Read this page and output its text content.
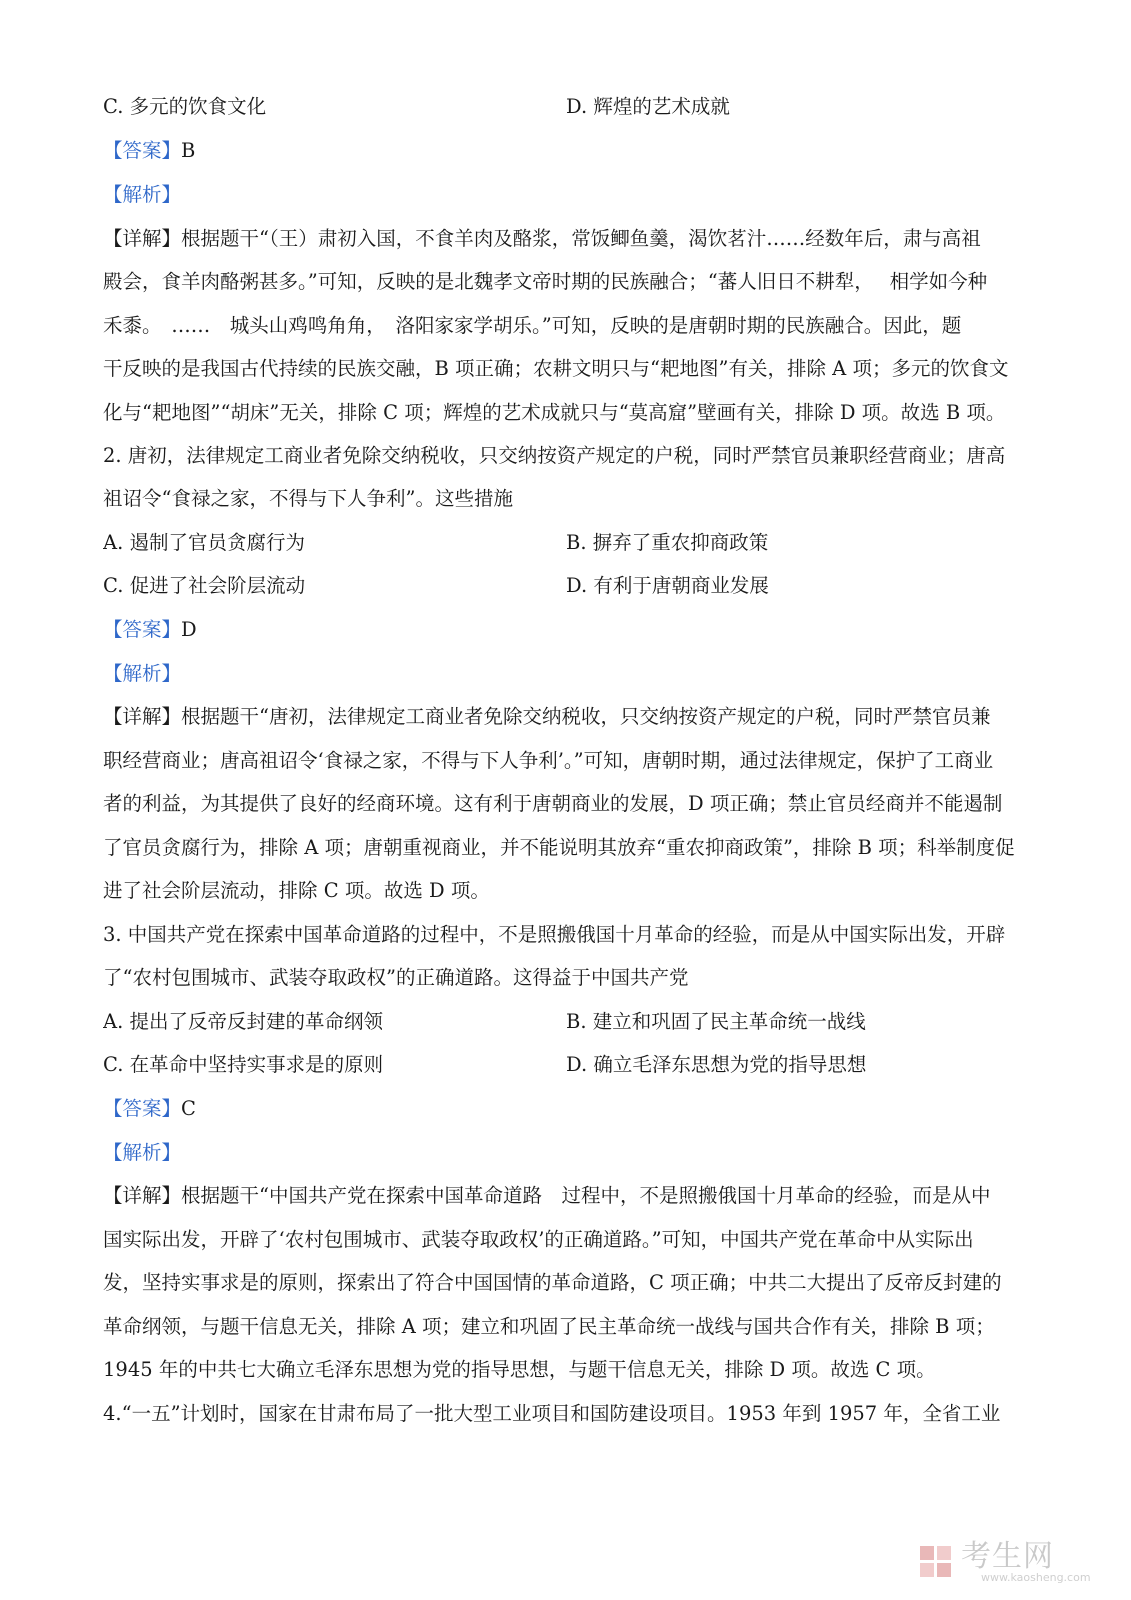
C. 多元的饮食文化	D. 辉煌的艺术成就
【答案】B
【解析】
【详解】根据题干“（王）肃初入国，不食羊肉及酪浆，常饭鲫鱼羹，渴饮茗汁……经数年后，肃与高祖
殿会，食羊肉酪粥甚多。”可知，反映的是北魏孝文帝时期的民族融合；“蕃人旧日不耕犁，　 相学如今种
禾黍。　……　城头山鸡鸣角角，　洛阳家家学胡乐。”可知，反映的是唐朝时期的民族融合。因此，题
干反映的是我国古代持续的民族交融，B 项正确；农耕文明只与“耙地图”有关，排除 A 项；多元的饮食文
化与“耙地图”“胡床”无关，排除 C 项；辉煌的艺术成就只与“莫高窟”壁画有关，排除 D 项。故选 B 项。
2. 唐初，法律规定工商业者免除交纳税收，只交纳按资产规定的户税，同时严禁官员兼职经营商业；唐高
祖诏令“食禄之家，不得与下人争利”。这些措施
A. 遏制了官员贪腐行为	B. 摒弃了重农抑商政策
C. 促进了社会阶层流动	D. 有利于唐朝商业发展
【答案】D
【解析】
【详解】根据题干“唐初，法律规定工商业者免除交纳税收，只交纳按资产规定的户税，同时严禁官员兼
职经营商业；唐高祖诏令‘食禄之家，不得与下人争利’。”可知，唐朝时期，通过法律规定，保护了工商业
者的利益，为其提供了良好的经商环境。这有利于唐朝商业的发展，D 项正确；禁止官员经商并不能遏制
了官员贪腐行为，排除 A 项；唐朝重视商业，并不能说明其放弃“重农抑商政策”，排除 B 项；科举制度促
进了社会阶层流动，排除 C 项。故选 D 项。
3. 中国共产党在探索中国革命道路的过程中，不是照搬俄国十月革命的经验，而是从中国实际出发，开辟
了“农村包围城市、武装夺取政权”的正确道路。这得益于中国共产党
A. 提出了反帝反封建的革命纲领	B. 建立和巩固了民主革命统一战线
C. 在革命中坚持实事求是的原则	D. 确立毛泽东思想为党的指导思想
【答案】C
【解析】
【详解】根据题干“中国共产党在探索中国革命道路　过程中，不是照搬俄国十月革命的经验，而是从中
国实际出发，开辟了‘农村包围城市、武装夺取政权’的正确道路。”可知，中国共产党在革命中从实际出
发，坚持实事求是的原则，探索出了符合中国国情的革命道路，C 项正确；中共二大提出了反帝反封建的
革命纲领，与题干信息无关，排除 A 项；建立和巩固了民主革命统一战线与国共合作有关，排除 B 项；
1945 年的中共七大确立毛泽东思想为党的指导思想，与题干信息无关，排除 D 项。故选 C 项。
4.“一五”计划时，国家在甘肃布局了一批大型工业项目和国防建设项目。1953 年到 1957 年，全省工业
考生网
www.kaosheng.com
